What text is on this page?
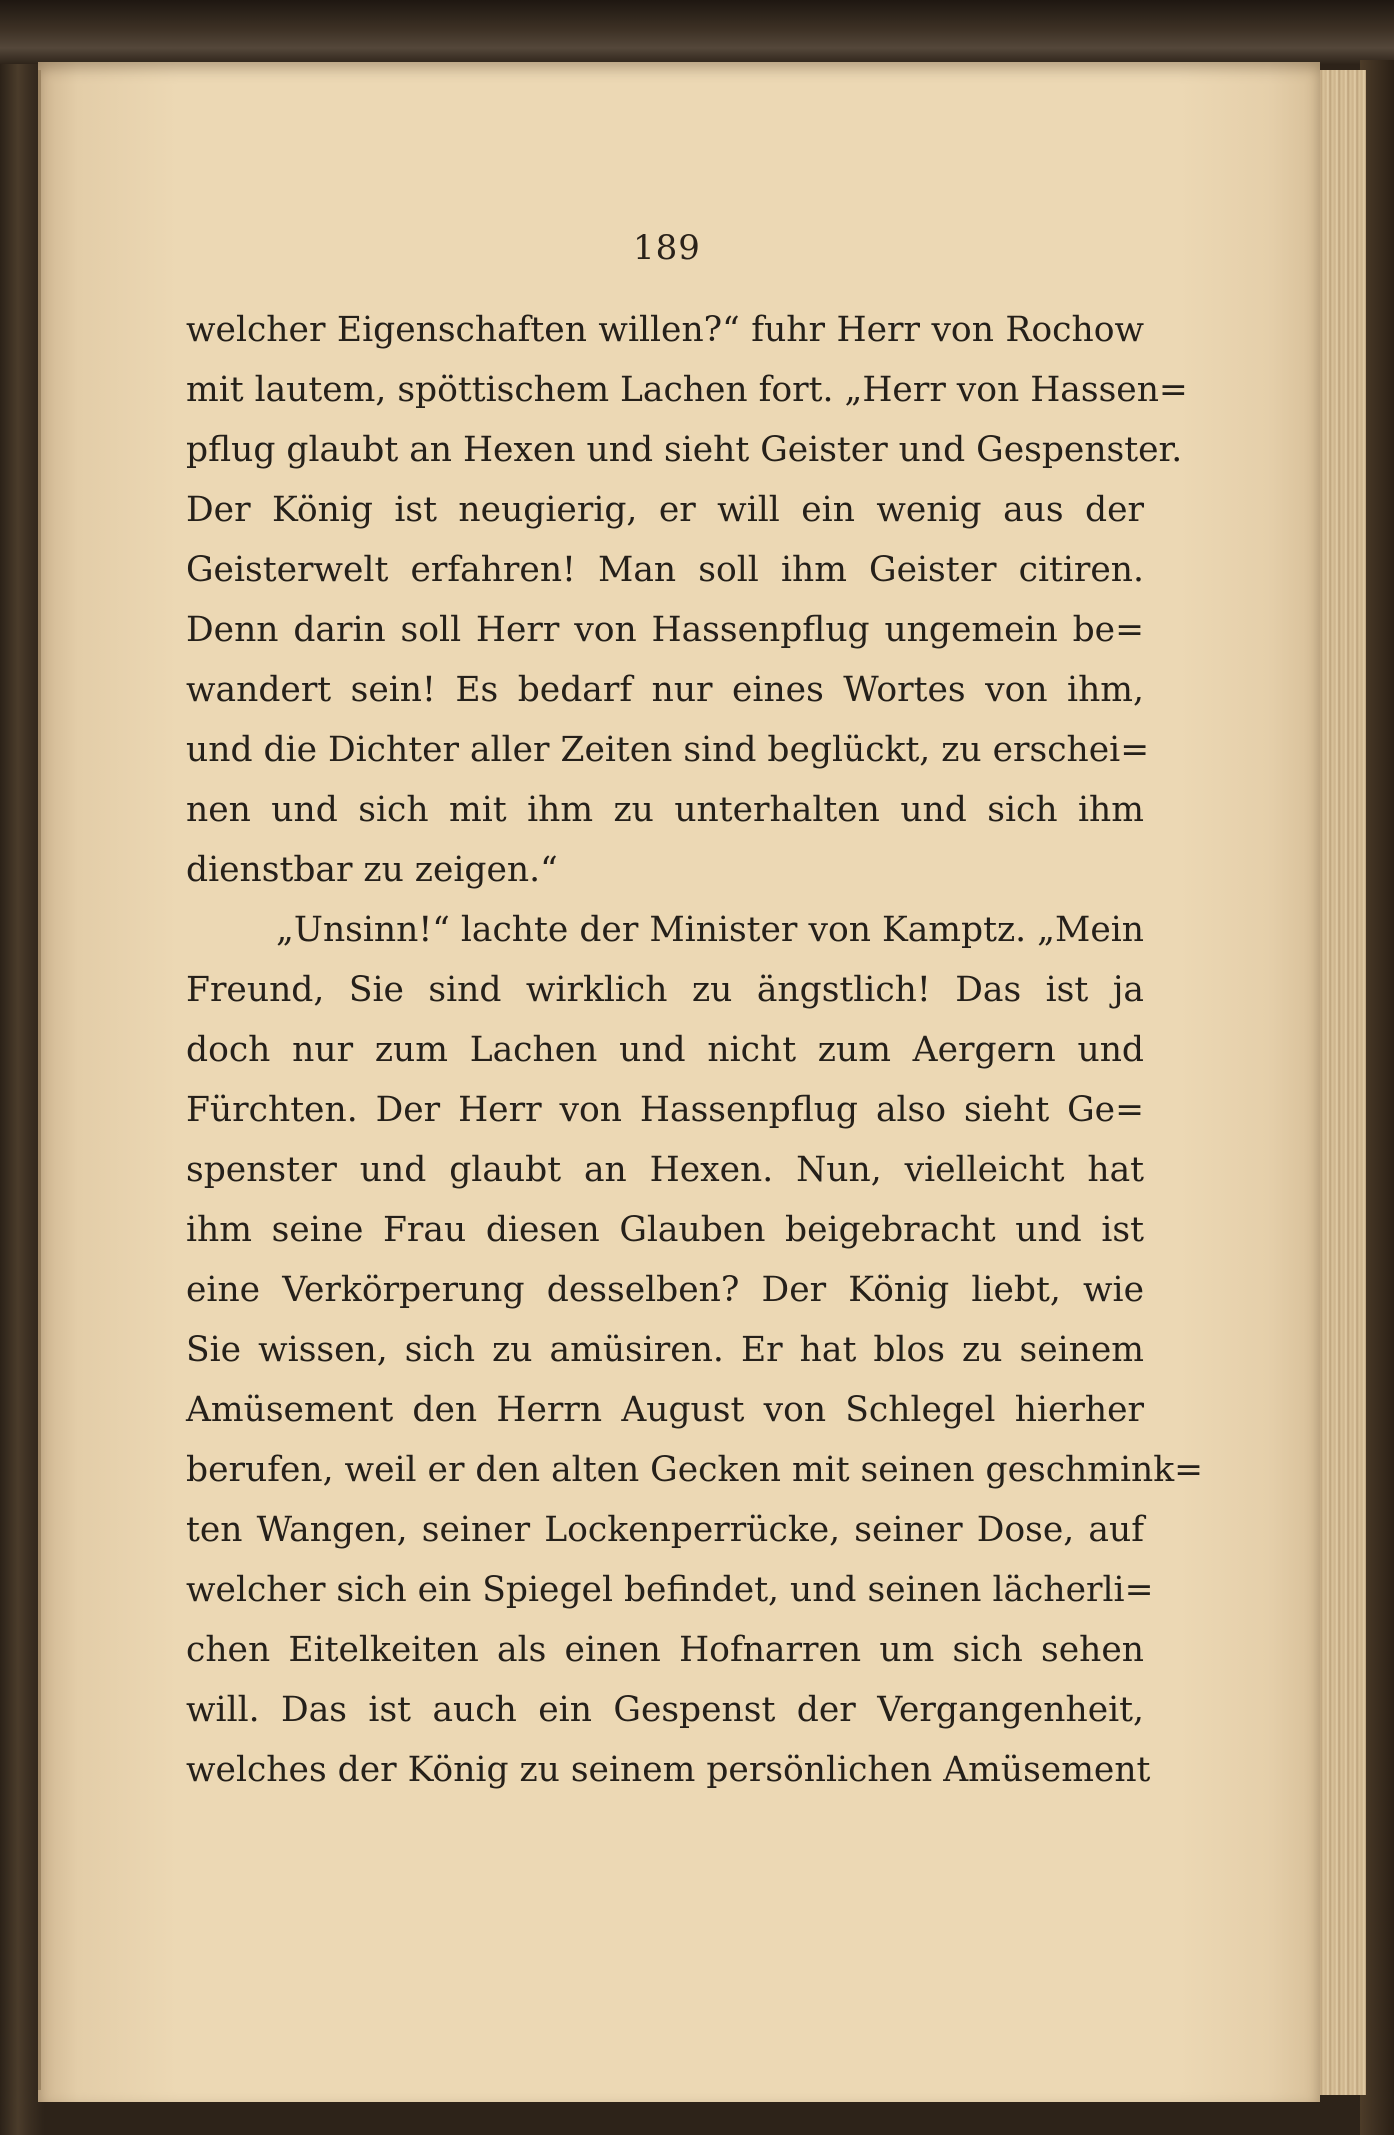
189
welcher Eigenschaften willen?“ fuhr Herr von Rochow
mit lautem, spöttischem Lachen fort. „Herr von Hassen=
pflug glaubt an Hexen und sieht Geister und Gespenster.
Der König ist neugierig, er will ein wenig aus der
Geisterwelt erfahren! Man soll ihm Geister citiren.
Denn darin soll Herr von Hassenpflug ungemein be=
wandert sein! Es bedarf nur eines Wortes von ihm,
und die Dichter aller Zeiten sind beglückt, zu erschei=
nen und sich mit ihm zu unterhalten und sich ihm
dienstbar zu zeigen.“
„Unsinn!“ lachte der Minister von Kamptz. „Mein
Freund, Sie sind wirklich zu ängstlich! Das ist ja
doch nur zum Lachen und nicht zum Aergern und
Fürchten. Der Herr von Hassenpflug also sieht Ge=
spenster und glaubt an Hexen. Nun, vielleicht hat
ihm seine Frau diesen Glauben beigebracht und ist
eine Verkörperung desselben? Der König liebt, wie
Sie wissen, sich zu amüsiren. Er hat blos zu seinem
Amüsement den Herrn August von Schlegel hierher
berufen, weil er den alten Gecken mit seinen geschmink=
ten Wangen, seiner Lockenperrücke, seiner Dose, auf
welcher sich ein Spiegel befindet, und seinen lächerli=
chen Eitelkeiten als einen Hofnarren um sich sehen
will. Das ist auch ein Gespenst der Vergangenheit,
welches der König zu seinem persönlichen Amüsement
